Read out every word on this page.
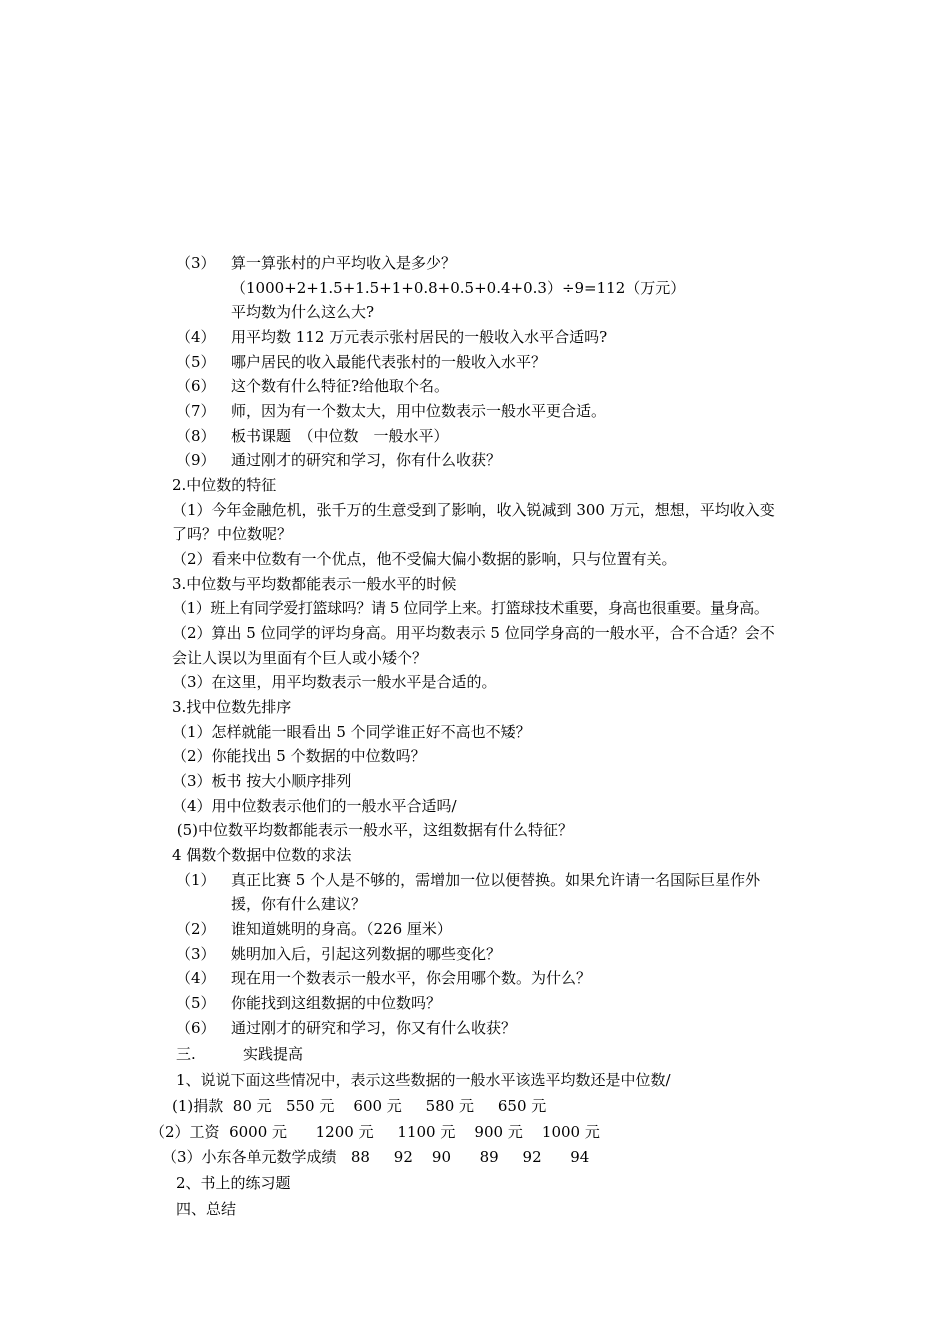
（3） 算一算张村的户平均收入是多少？
（1000+2+1.5+1.5+1+0.8+0.5+0.4+0.3）÷9=112（万元）
平均数为什么这么大?
（4） 用平均数 112 万元表示张村居民的一般收入水平合适吗?
（5） 哪户居民的收入最能代表张村的一般收入水平？
（6） 这个数有什么特征?给他取个名。
（7） 师，因为有一个数太大，用中位数表示一般水平更合适。
（8） 板书课题　（中位数　一般水平）
（9） 通过刚才的研究和学习，你有什么收获？
2.中位数的特征
（1）今年金融危机，张千万的生意受到了影响，收入锐减到 300 万元，想想，平均收入变
了吗？中位数呢？
（2）看来中位数有一个优点，他不受偏大偏小数据的影响，只与位置有关。
3.中位数与平均数都能表示一般水平的时候
（1）班上有同学爱打篮球吗？请 5 位同学上来。打篮球技术重要，身高也很重要。量身高。
（2）算出 5 位同学的评均身高。用平均数表示 5 位同学身高的一般水平，合不合适？会不
会让人误以为里面有个巨人或小矮个？
（3）在这里，用平均数表示一般水平是合适的。
3.找中位数先排序
（1）怎样就能一眼看出 5 个同学谁正好不高也不矮？
（2）你能找出 5 个数据的中位数吗？
（3）板书 按大小顺序排列
（4）用中位数表示他们的一般水平合适吗/
(5)中位数平均数都能表示一般水平，这组数据有什么特征？
4 偶数个数据中位数的求法
（1） 真正比赛 5 个人是不够的，需增加一位以便替换。如果允许请一名国际巨星作外
援，你有什么建议？
（2） 谁知道姚明的身高。（226 厘米）
（3） 姚明加入后，引起这列数据的哪些变化？
（4） 现在用一个数表示一般水平，你会用哪个数。为什么？
（5） 你能找到这组数据的中位数吗？
（6） 通过刚才的研究和学习，你又有什么收获？
三.	实践提高
1、说说下面这些情况中，表示这些数据的一般水平该选平均数还是中位数/
(1)捐款  80 元   550 元    600 元     580 元     650 元
（2）工资  6000 元      1200 元     1100 元    900 元    1000 元
（3）小东各单元数学成绩   88     92    90      89     92      94
2、书上的练习题
四、总结
